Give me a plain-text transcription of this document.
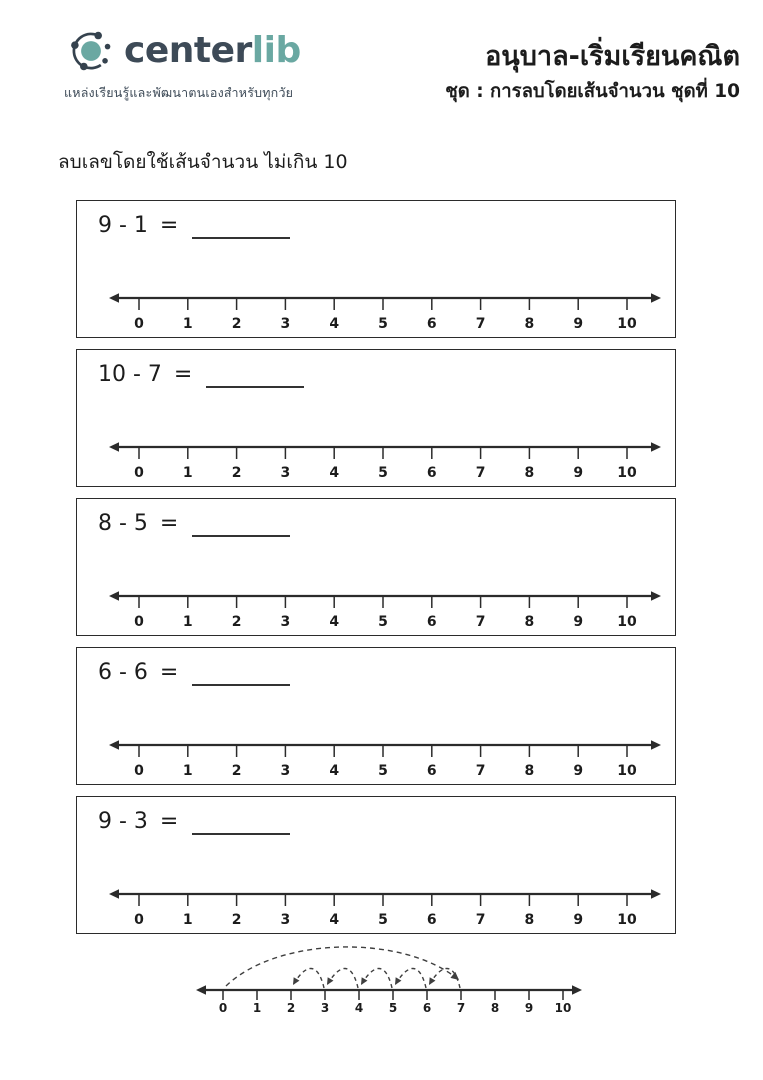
centerlib
แหล่งเรียนรู้และพัฒนาตนเองสำหรับทุกวัย
อนุบาล-เริ่มเรียนคณิต
ชุด : การลบโดยเส้นจำนวน ชุดที่ 10
ลบเลขโดยใช้เส้นจำนวน ไม่เกิน 10
9 - 1 =
0	1	2	3	4	5	6	7	8	9 10
10 - 7 =
0	1	2	3	4	5	6	7	8	9 10
8 - 5 =
0	1	2	3	4	5	6	7	8	9 10
6 - 6 =
0	1	2	3	4	5	6	7	8	9 10
9 - 3 =
0	1	2	3	4	5	6	7	8	9 10
0 1 2 3 4 5 6 7 8 9 10
